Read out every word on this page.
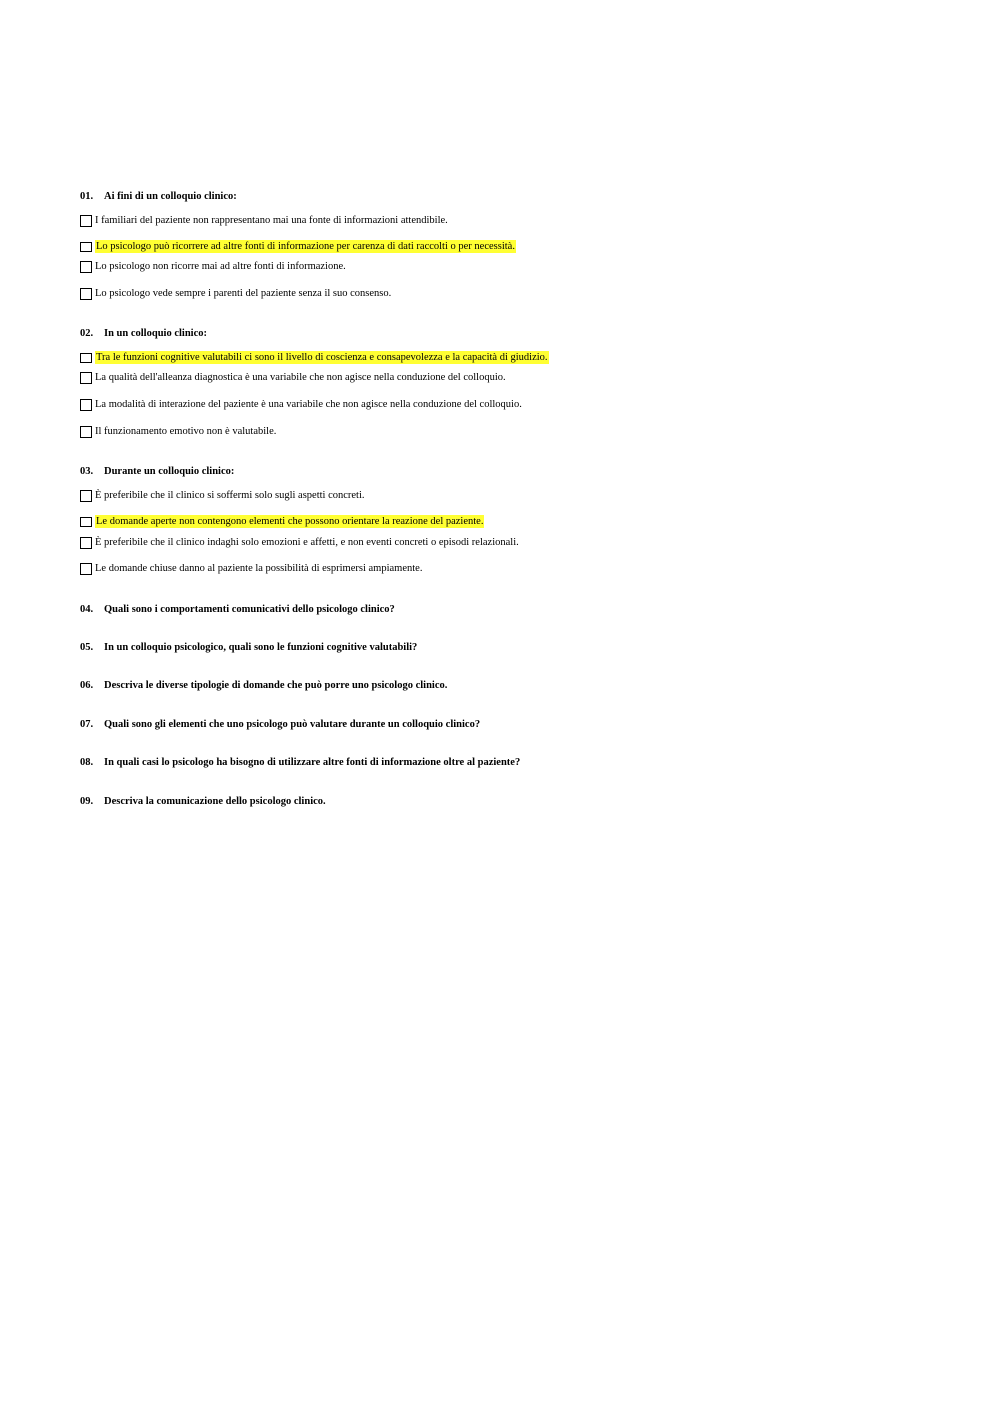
01. Ai fini di un colloquio clinico:
I familiari del paziente non rappresentano mai una fonte di informazioni attendibile.
Lo psicologo può ricorrere ad altre fonti di informazione per carenza di dati raccolti o per necessità.
Lo psicologo non ricorre mai ad altre fonti di informazione.
Lo psicologo vede sempre i parenti del paziente senza il suo consenso.
02. In un colloquio clinico:
Tra le funzioni cognitive valutabili ci sono il livello di coscienza e consapevolezza e la capacità di giudizio.
La qualità dell'alleanza diagnostica è una variabile che non agisce nella conduzione del colloquio.
La modalità di interazione del paziente è una variabile che non agisce nella conduzione del colloquio.
Il funzionamento emotivo non è valutabile.
03. Durante un colloquio clinico:
È preferibile che il clinico si soffermi solo sugli aspetti concreti.
Le domande aperte non contengono elementi che possono orientare la reazione del paziente.
È preferibile che il clinico indaghi solo emozioni e affetti, e non eventi concreti o episodi relazionali.
Le domande chiuse danno al paziente la possibilità di esprimersi ampiamente.
04. Quali sono i comportamenti comunicativi dello psicologo clinico?
05. In un colloquio psicologico, quali sono le funzioni cognitive valutabili?
06. Descriva le diverse tipologie di domande che può porre uno psicologo clinico.
07. Quali sono gli elementi che uno psicologo può valutare durante un colloquio clinico?
08. In quali casi lo psicologo ha bisogno di utilizzare altre fonti di informazione oltre al paziente?
09. Descriva la comunicazione dello psicologo clinico.
